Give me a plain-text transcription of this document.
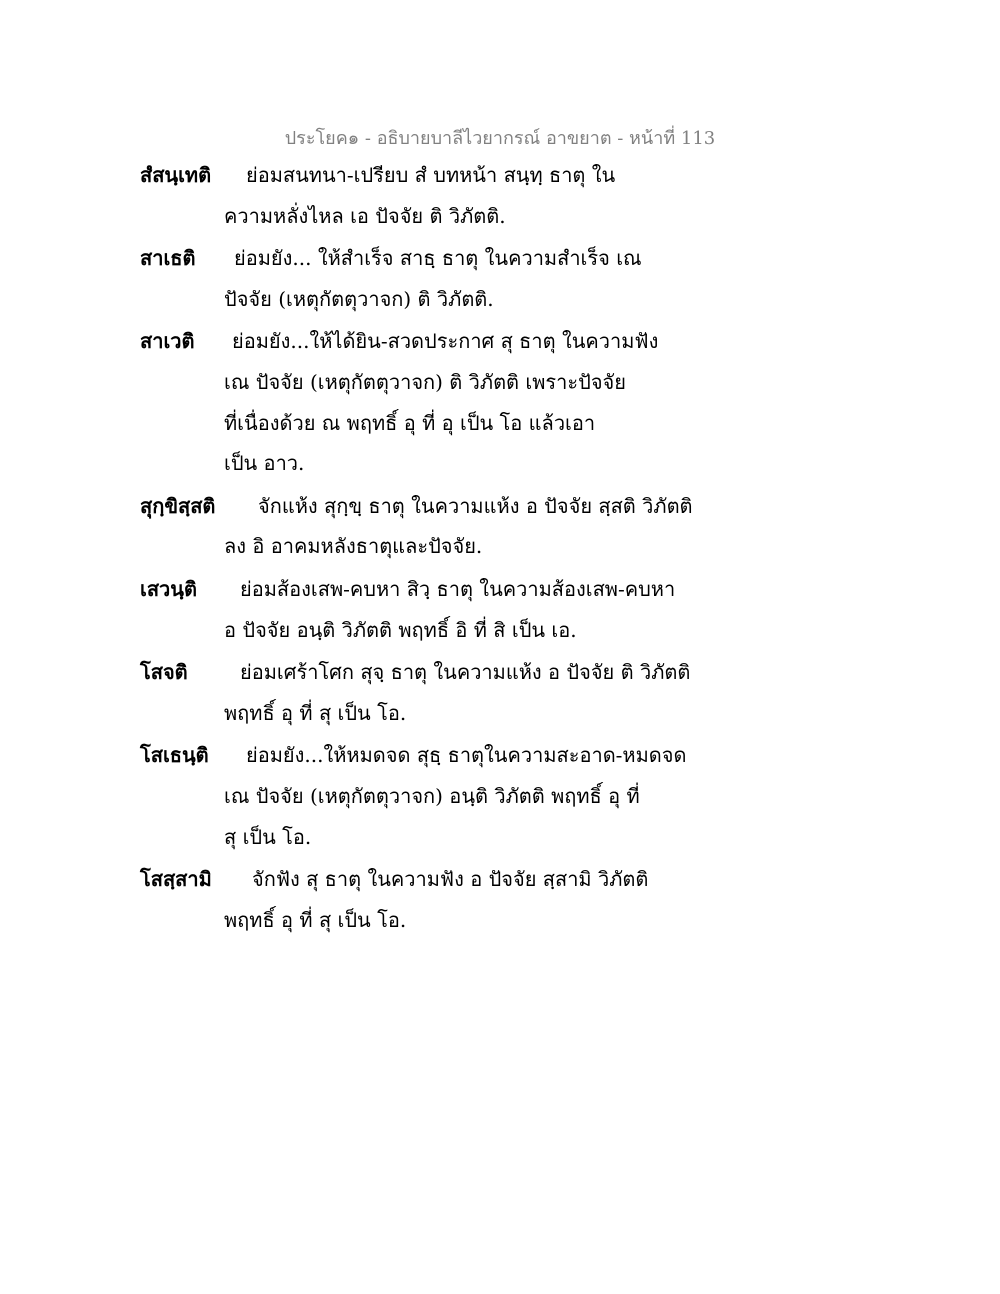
ประโยค๑ - อธิบายบาลีไวยากรณ์ อาขยาต - หน้าที่ 113
สํสนฺเทติ ย่อมสนทนา-เปรียบ สํ บทหน้า สนฺทฺ ธาตุ ใน
ความหลั่งไหล เอ ปัจจัย ติ วิภัตติ.
สาเธติ ย่อมยัง... ให้สำเร็จ สาธฺ ธาตุ ในความสำเร็จ เณ
ปัจจัย (เหตุกัตตุวาจก) ติ วิภัตติ.
สาเวติ ย่อมยัง...ให้ได้ยิน-สวดประกาศ สุ ธาตุ ในความฟัง
เณ ปัจจัย (เหตุกัตตุวาจก) ติ วิภัตติ เพราะปัจจัย
ที่เนื่องด้วย ณ พฤทธิ์ อุ ที่ อุ เป็น โอ แล้วเอา
เป็น อาว.
สุกฺขิสฺสติ จักแห้ง สุกฺขฺ ธาตุ ในความแห้ง อ ปัจจัย สฺสติ วิภัตติ
ลง อิ อาคมหลังธาตุและปัจจัย.
เสวนฺติ ย่อมส้องเสพ-คบหา สิวฺ ธาตุ ในความส้องเสพ-คบหา
อ ปัจจัย อนฺติ วิภัตติ พฤทธิ์ อิ ที่ สิ เป็น เอ.
โสจติ	ย่อมเศร้าโศก สุจฺ ธาตุ ในความแห้ง อ ปัจจัย ติ วิภัตติ
พฤทธิ์ อุ ที่ สุ เป็น โอ.
โสเธนฺติ ย่อมยัง...ให้หมดจด สุธฺ ธาตุในความสะอาด-หมดจด
เณ ปัจจัย (เหตุกัตตุวาจก) อนฺติ วิภัตติ พฤทธิ์ อุ ที่
สุ เป็น โอ.
โสสฺสามิ จักฟัง สุ ธาตุ ในความฟัง อ ปัจจัย สฺสามิ วิภัตติ
พฤทธิ์ อุ ที่ สุ เป็น โอ.
